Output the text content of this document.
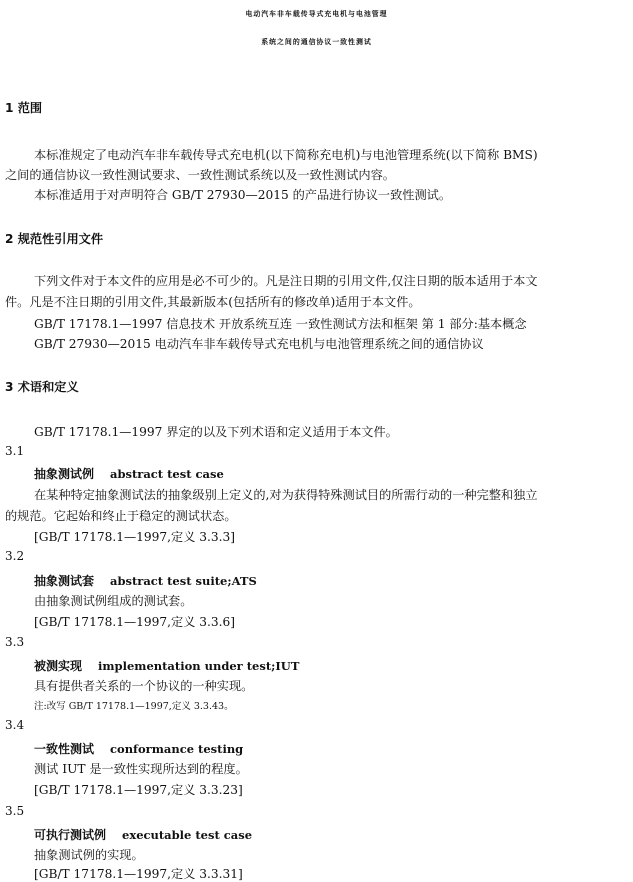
电动汽车非车载传导式充电机与电池管理
系统之间的通信协议一致性测试
1 范围
本标准规定了电动汽车非车载传导式充电机(以下简称充电机)与电池管理系统(以下简称 BMS)
之间的通信协议一致性测试要求、一致性测试系统以及一致性测试内容。
本标准适用于对声明符合 GB/T 27930—2015 的产品进行协议一致性测试。
2 规范性引用文件
下列文件对于本文件的应用是必不可少的。凡是注日期的引用文件,仅注日期的版本适用于本文
件。凡是不注日期的引用文件,其最新版本(包括所有的修改单)适用于本文件。
GB/T 17178.1—1997 信息技术 开放系统互连 一致性测试方法和框架 第 1 部分:基本概念
GB/T 27930—2015 电动汽车非车载传导式充电机与电池管理系统之间的通信协议
3 术语和定义
GB/T 17178.1—1997 界定的以及下列术语和定义适用于本文件。
3.1
抽象测试例 abstract test case
在某种特定抽象测试法的抽象级别上定义的,对为获得特殊测试目的所需行动的一种完整和独立
的规范。它起始和终止于稳定的测试状态。
[GB/T 17178.1—1997,定义 3.3.3]
3.2
抽象测试套 abstract test suite;ATS
由抽象测试例组成的测试套。
[GB/T 17178.1—1997,定义 3.3.6]
3.3
被测实现 implementation under test;IUT
具有提供者关系的一个协议的一种实现。
注:改写 GB/T 17178.1—1997,定义 3.3.43。
3.4
一致性测试 conformance testing
测试 IUT 是一致性实现所达到的程度。
[GB/T 17178.1—1997,定义 3.3.23]
3.5
可执行测试例 executable test case
抽象测试例的实现。
[GB/T 17178.1—1997,定义 3.3.31]
